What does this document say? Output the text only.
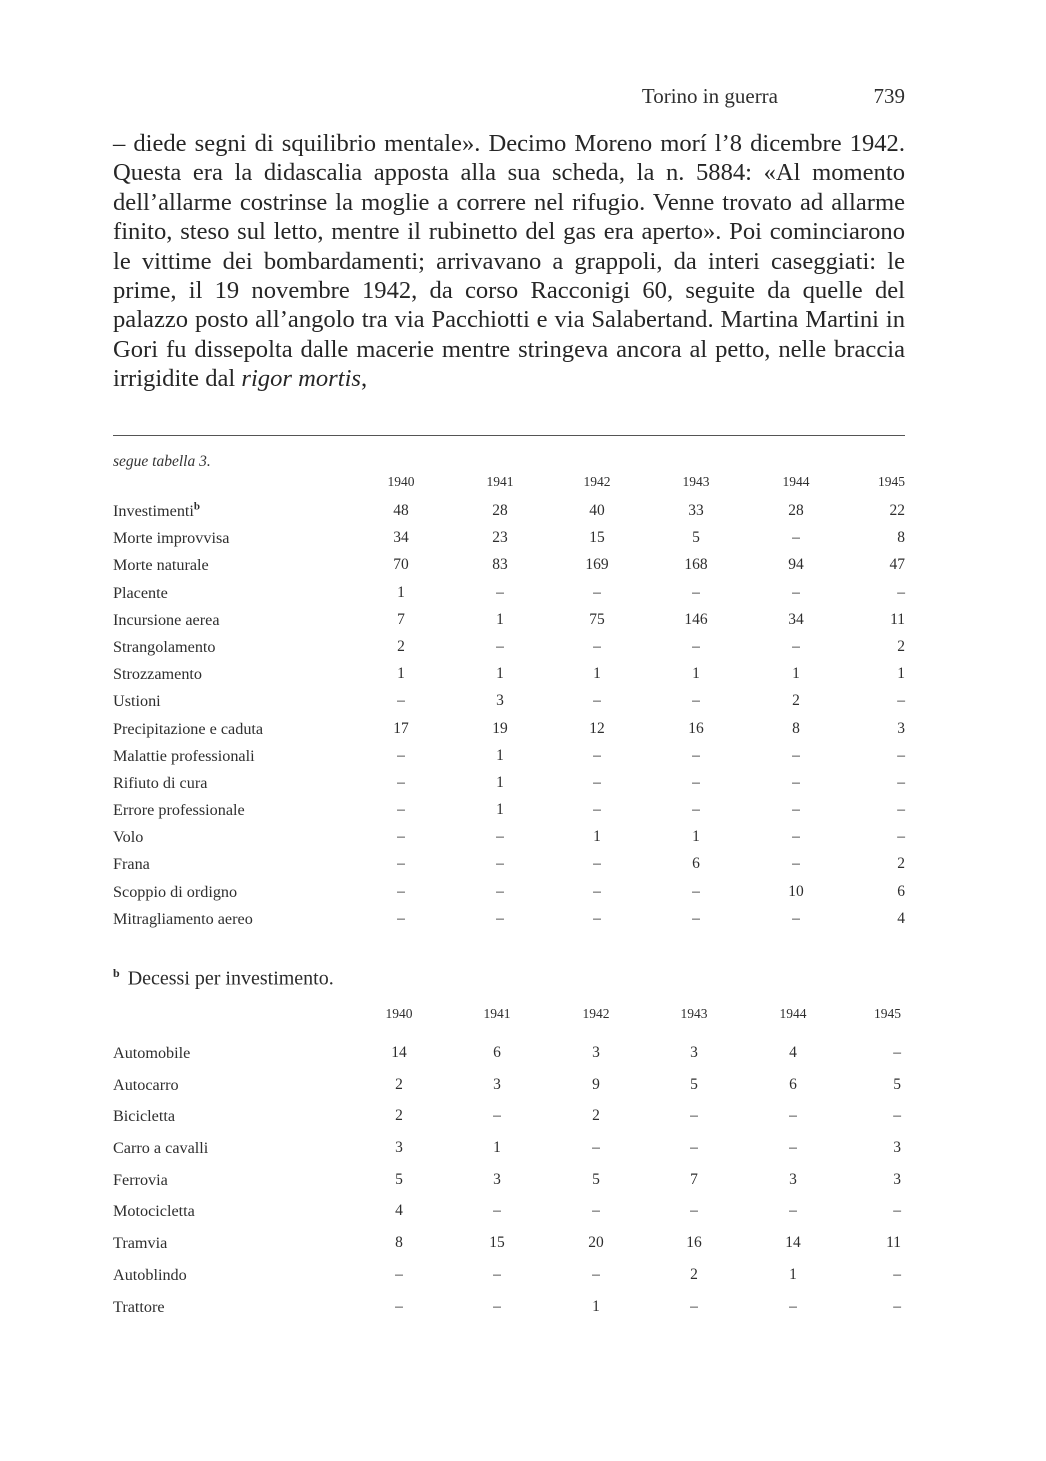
Torino in guerra	739

– diede segni di squilibrio mentale». Decimo Moreno morí l’8 dicembre 1942. Questa era la didascalia apposta alla sua scheda, la n. 5884: «Al momento dell’allarme costrinse la moglie a correre nel rifugio. Venne trovato ad allarme finito, steso sul letto, mentre il rubinetto del gas era aperto». Poi cominciarono le vittime dei bombardamenti; arrivavano a grappoli, da interi caseggiati: le prime, il 19 novembre 1942, da corso Racconigi 60, seguite da quelle del palazzo posto all’angolo tra via Pacchiotti e via Salabertand. Martina Martini in Gori fu dissepolta dalle macerie mentre stringeva ancora al petto, nelle braccia irrigidite dal rigor mortis,

segue tabella 3.
1940	1941	1942	1943	1944	1945
Investimenti$^b$	48	28	40	33	28	22
Morte improvvisa	34	23	15	5	–	8
Morte naturale	70	83	169	168	94	47
Placente	1	–	–	–	–	–
Incursione aerea	7	1	75	146	34	11
Strangolamento	2	–	–	–	–	2
Strozzamento	1	1	1	1	1	1
Ustioni	–	3	–	–	2	–
Precipitazione e caduta	17	19	12	16	8	3
Malattie professionali	–	1	–	–	–	–
Rifiuto di cura	–	1	–	–	–	–
Errore professionale	–	1	–	–	–	–
Volo	–	–	1	1	–	–
Frana	–	–	–	6	–	2
Scoppio di ordigno	–	–	–	–	10	6
Mitragliamento aereo	–	–	–	–	–	4
$^b$ Decessi per investimento.
1940	1941	1942	1943	1944	1945
Automobile	14	6	3	3	4	–
Autocarro	2	3	9	5	6	5
Bicicletta	2	–	2	–	–	–
Carro a cavalli	3	1	–	–	–	3
Ferrovia	5	3	5	7	3	3
Motocicletta	4	–	–	–	–	–
Tramvia	8	15	20	16	14	11
Autoblindo	–	–	–	2	1	–
Trattore	–	–	1	–	–	–
